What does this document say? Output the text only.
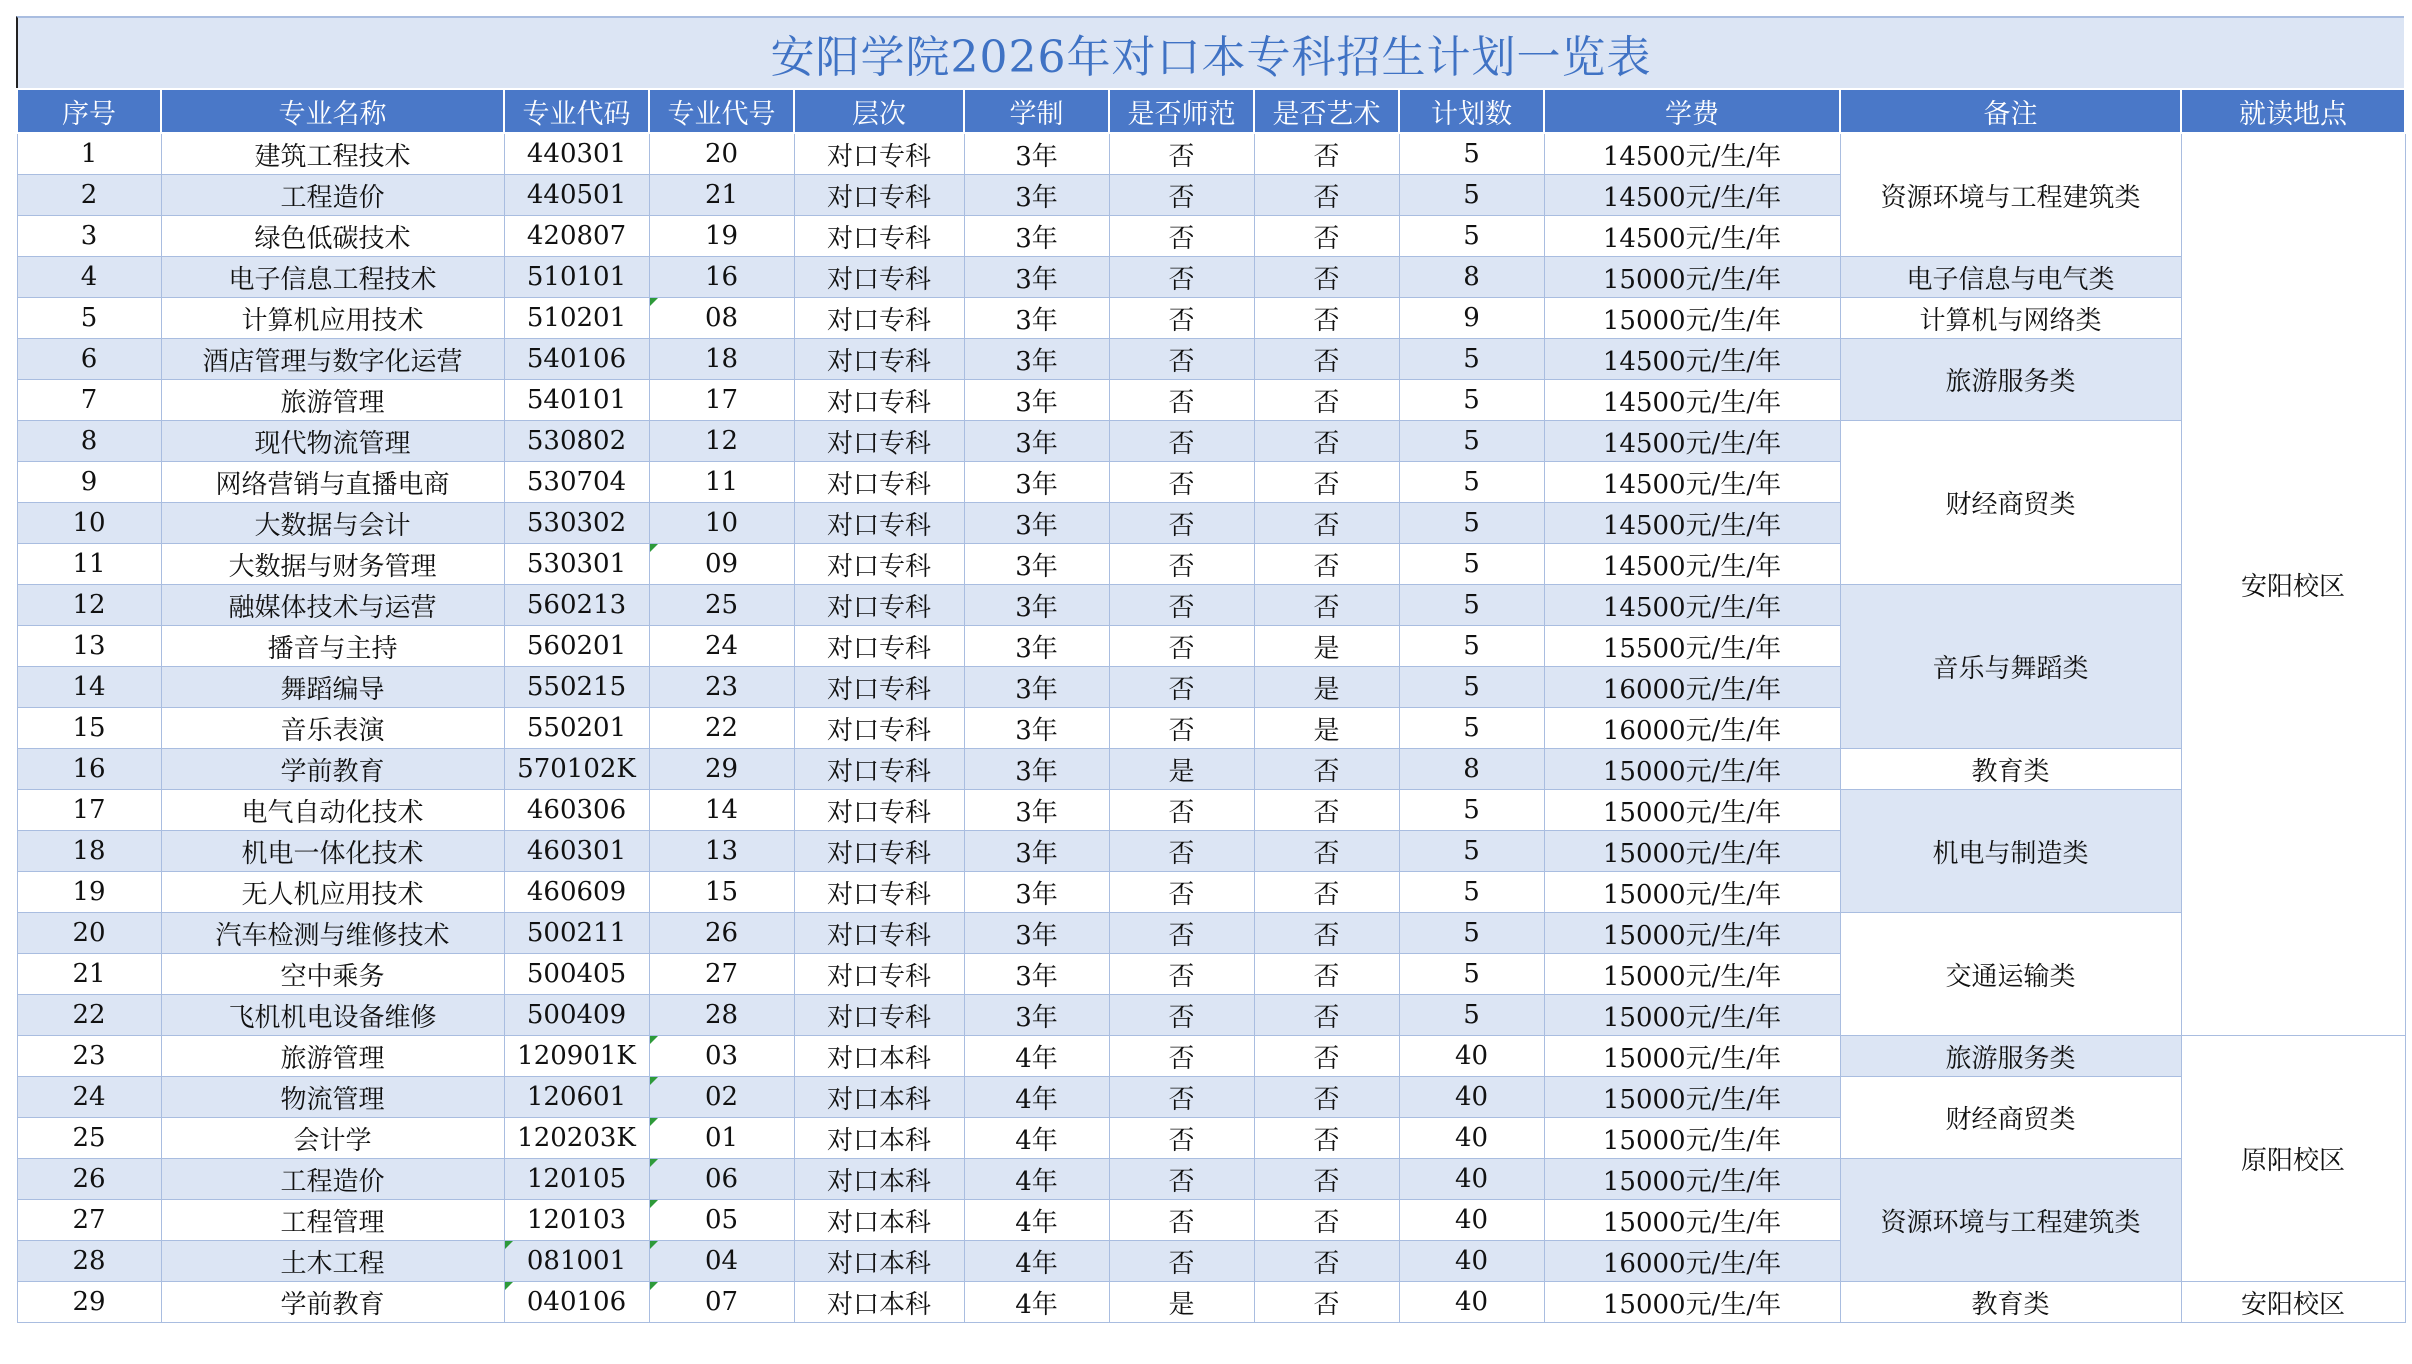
安阳学院2026年对口本专科招生计划一览表
序号	专业名称	专业代码	专业代号	层次	学制	是否师范	是否艺术	计划数	学费	备注	就读地点
1	建筑工程技术	440301	20	对口专科	3年	否	否	5	14500元/生/年	资源环境与工程建筑类	安阳校区
2	工程造价	440501	21	对口专科	3年	否	否	5	14500元/生/年		
3	绿色低碳技术	420807	19	对口专科	3年	否	否	5	14500元/生/年		
4	电子信息工程技术	510101	16	对口专科	3年	否	否	8	15000元/生/年	电子信息与电气类	
5	计算机应用技术	510201	08	对口专科	3年	否	否	9	15000元/生/年	计算机与网络类	
6	酒店管理与数字化运营	540106	18	对口专科	3年	否	否	5	14500元/生/年	旅游服务类	
7	旅游管理	540101	17	对口专科	3年	否	否	5	14500元/生/年		
8	现代物流管理	530802	12	对口专科	3年	否	否	5	14500元/生/年	财经商贸类	
9	网络营销与直播电商	530704	11	对口专科	3年	否	否	5	14500元/生/年		
10	大数据与会计	530302	10	对口专科	3年	否	否	5	14500元/生/年		
11	大数据与财务管理	530301	09	对口专科	3年	否	否	5	14500元/生/年		
12	融媒体技术与运营	560213	25	对口专科	3年	否	否	5	14500元/生/年	音乐与舞蹈类	
13	播音与主持	560201	24	对口专科	3年	否	是	5	15500元/生/年		
14	舞蹈编导	550215	23	对口专科	3年	否	是	5	16000元/生/年		
15	音乐表演	550201	22	对口专科	3年	否	是	5	16000元/生/年		
16	学前教育	570102K	29	对口专科	3年	是	否	8	15000元/生/年	教育类	
17	电气自动化技术	460306	14	对口专科	3年	否	否	5	15000元/生/年	机电与制造类	
18	机电一体化技术	460301	13	对口专科	3年	否	否	5	15000元/生/年		
19	无人机应用技术	460609	15	对口专科	3年	否	否	5	15000元/生/年		
20	汽车检测与维修技术	500211	26	对口专科	3年	否	否	5	15000元/生/年	交通运输类	
21	空中乘务	500405	27	对口专科	3年	否	否	5	15000元/生/年		
22	飞机机电设备维修	500409	28	对口专科	3年	否	否	5	15000元/生/年		
23	旅游管理	120901K	03	对口本科	4年	否	否	40	15000元/生/年	旅游服务类	原阳校区
24	物流管理	120601	02	对口本科	4年	否	否	40	15000元/生/年	财经商贸类	
25	会计学	120203K	01	对口本科	4年	否	否	40	15000元/生/年		
26	工程造价	120105	06	对口本科	4年	否	否	40	15000元/生/年	资源环境与工程建筑类	
27	工程管理	120103	05	对口本科	4年	否	否	40	15000元/生/年		
28	土木工程	081001	04	对口本科	4年	否	否	40	16000元/生/年		
29	学前教育	040106	07	对口本科	4年	是	否	40	15000元/生/年	教育类	安阳校区
